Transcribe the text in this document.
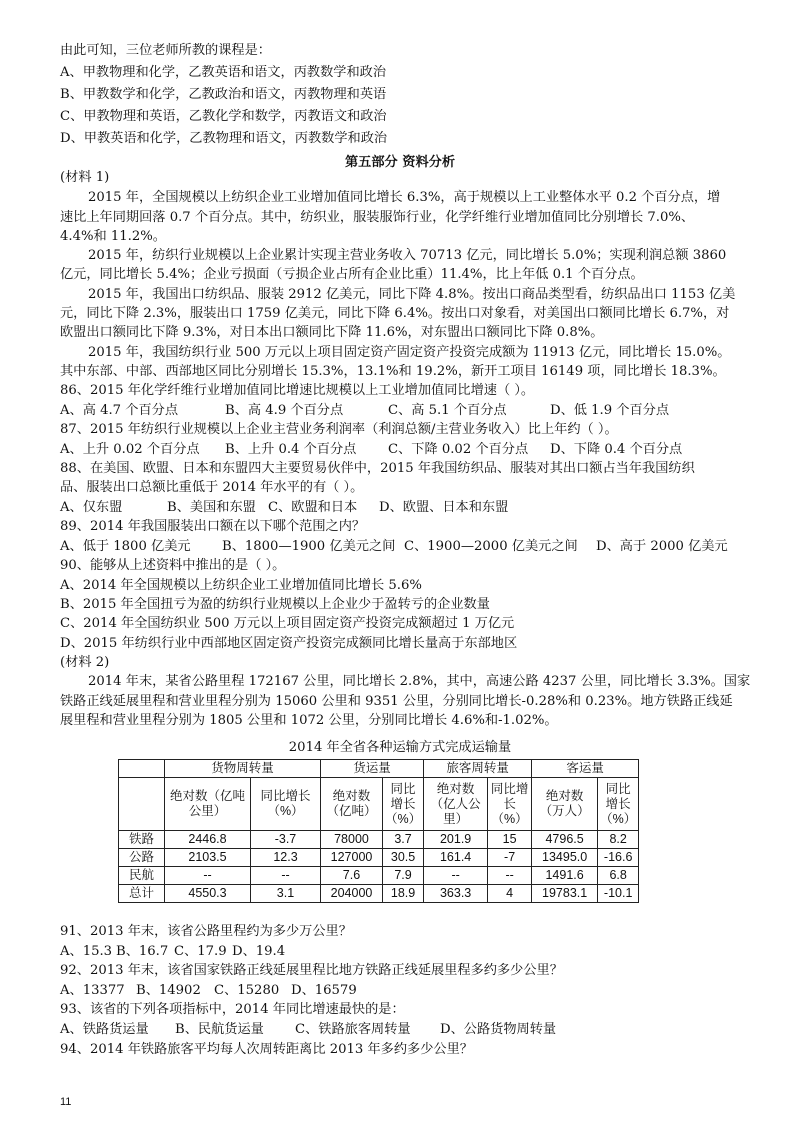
由此可知，三位老师所教的课程是：
A、甲教物理和化学，乙教英语和语文，丙教数学和政治
B、甲教数学和化学，乙教政治和语文，丙教物理和英语
C、甲教物理和英语，乙教化学和数学，丙教语文和政治
D、甲教英语和化学，乙教物理和语文，丙教数学和政治
第五部分 资料分析
(材料 1)
2015 年，全国规模以上纺织企业工业增加值同比增长 6.3%，高于规模以上工业整体水平 0.2 个百分点，增
速比上年同期回落 0.7 个百分点。其中，纺织业，服装服饰行业，化学纤维行业增加值同比分别增长 7.0%、
4.4%和 11.2%。
2015 年，纺织行业规模以上企业累计实现主营业务收入 70713 亿元，同比增长 5.0%；实现利润总额 3860
亿元，同比增长 5.4%；企业亏损面（亏损企业占所有企业比重）11.4%，比上年低 0.1 个百分点。
2015 年，我国出口纺织品、服装 2912 亿美元，同比下降 4.8%。按出口商品类型看，纺织品出口 1153 亿美
元，同比下降 2.3%，服装出口 1759 亿美元，同比下降 6.4%。按出口对象看，对美国出口额同比增长 6.7%，对
欧盟出口额同比下降 9.3%，对日本出口额同比下降 11.6%，对东盟出口额同比下降 0.8%。
2015 年，我国纺织行业 500 万元以上项目固定资产固定资产投资完成额为 11913 亿元，同比增长 15.0%。
其中东部、中部、西部地区同比分别增长 15.3%，13.1%和 19.2%，新开工项目 16149 项，同比增长 18.3%。
86、2015 年化学纤维行业增加值同比增速比规模以上工业增加值同比增速（ ）。
A、高 4.7 个百分点	B、高 4.9 个百分点	C、高 5.1 个百分点	D、低 1.9 个百分点
87、2015 年纺织行业规模以上企业主营业务利润率（利润总额/主营业务收入）比上年约（ ）。
A、上升 0.02 个百分点 B、上升 0.4 个百分点 C、下降 0.02 个百分点 D、下降 0.4 个百分点
88、在美国、欧盟、日本和东盟四大主要贸易伙伴中，2015 年我国纺织品、服装对其出口额占当年我国纺织
品、服装出口总额比重低于 2014 年水平的有（ ）。
A、仅东盟	B、美国和东盟 C、欧盟和日本 D、欧盟、日本和东盟
89、2014 年我国服装出口额在以下哪个范围之内？
A、低于 1800 亿美元 B、1800—1900 亿美元之间 C、1900—2000 亿美元之间 D、高于 2000 亿美元
90、能够从上述资料中推出的是（ ）。
A、2014 年全国规模以上纺织企业工业增加值同比增长 5.6%
B、2015 年全国扭亏为盈的纺织行业规模以上企业少于盈转亏的企业数量
C、2014 年全国纺织业 500 万元以上项目固定资产投资完成额超过 1 万亿元
D、2015 年纺织行业中西部地区固定资产投资完成额同比增长量高于东部地区
(材料 2)
2014 年末，某省公路里程 172167 公里，同比增长 2.8%，其中，高速公路 4237 公里，同比增长 3.3%。国家
铁路正线延展里程和营业里程分别为 15060 公里和 9351 公里，分别同比增长-0.28%和 0.23%。地方铁路正线延
展里程和营业里程分别为 1805 公里和 1072 公里，分别同比增长 4.6%和-1.02%。
2014 年全省各种运输方式完成运输量
	货物周转量		货运量		旅客周转量		客运量	
	绝对数（亿吨公里）	同比增长（%）	绝对数（亿吨）	同比增长（%）	绝对数（亿人公里）	同比增长（%）	绝对数（万人）	同比增长（%）
铁路	2446.8	-3.7	78000	3.7	201.9	15	4796.5	8.2
公路	2103.5	12.3	127000	30.5	161.4	-7	13495.0	-16.6
民航	--	--	7.6	7.9	--	--	1491.6	6.8
总计	4550.3	3.1	204000	18.9	363.3	4	19783.1	-10.1
91、2013 年末，该省公路里程约为多少万公里？
A、15.3 B、16.7 C、17.9 D、19.4
92、2013 年末，该省国家铁路正线延展里程比地方铁路正线延展里程多约多少公里？
A、13377 B、14902 C、15280 D、16579
93、该省的下列各项指标中，2014 年同比增速最快的是：
A、铁路货运量 B、民航货运量 C、铁路旅客周转量 D、公路货物周转量
94、2014 年铁路旅客平均每人次周转距离比 2013 年多约多少公里？
11
